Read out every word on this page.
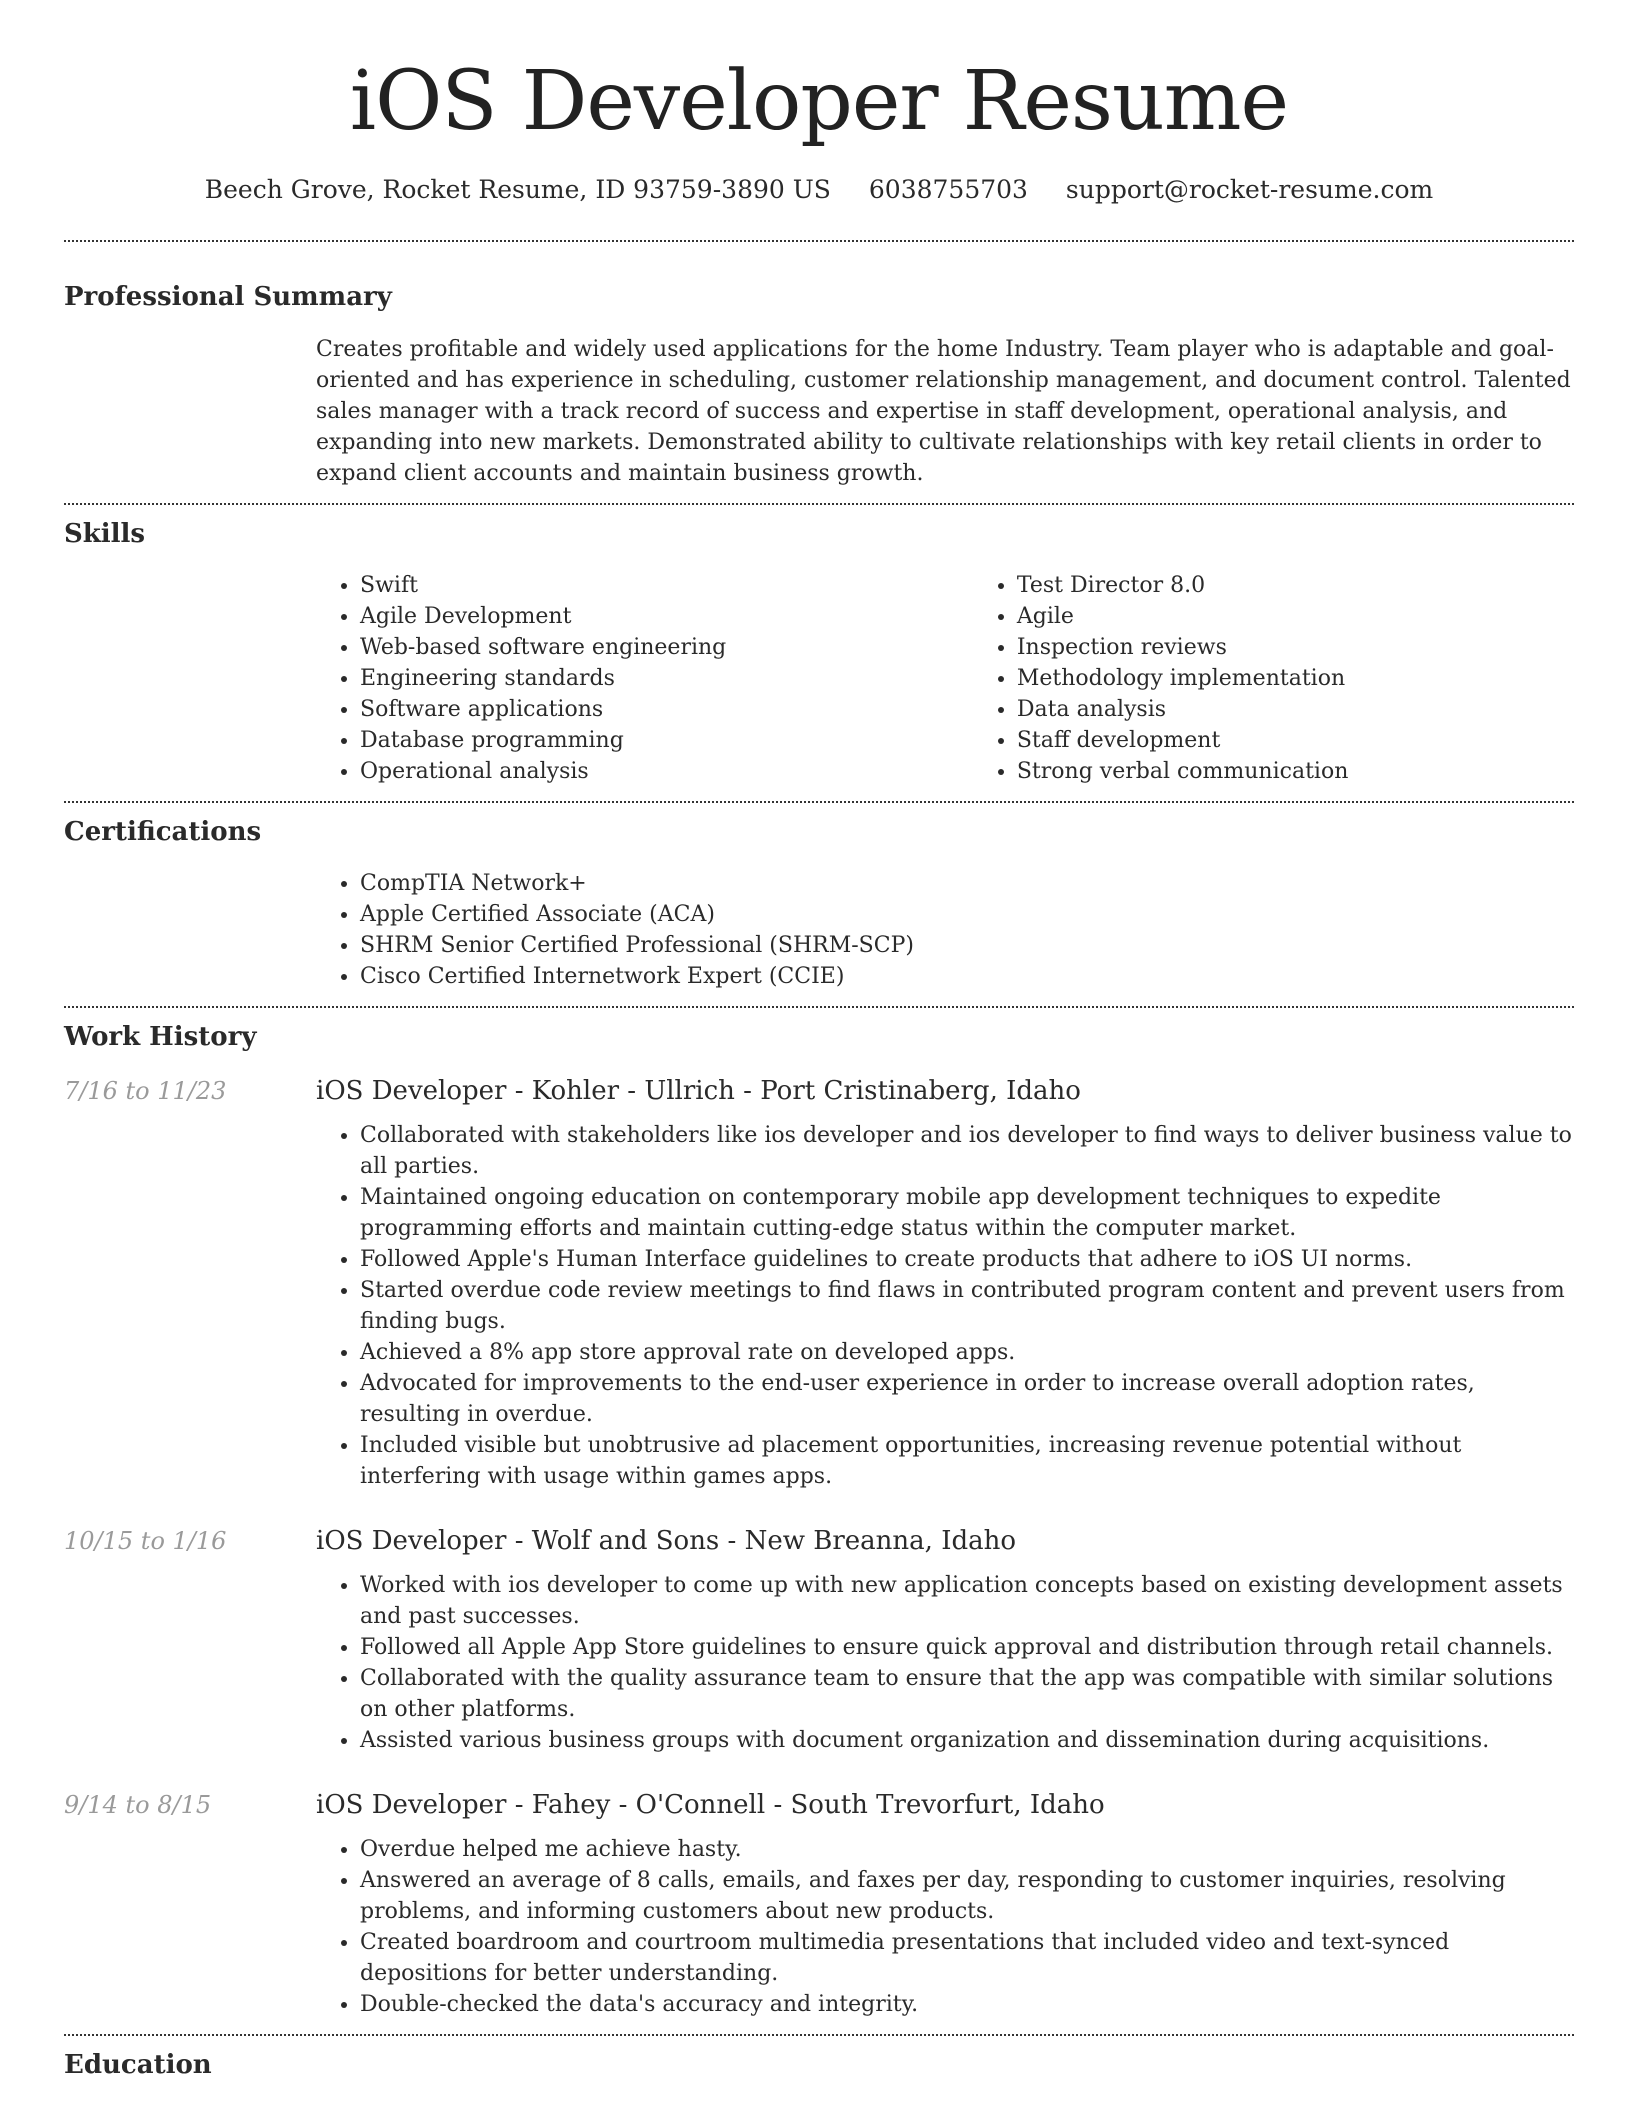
iOS Developer Resume
Beech Grove, Rocket Resume, ID 93759-3890 US 6038755703 support@rocket-resume.com
Professional Summary

Creates profitable and widely used applications for the home Industry. Team player who is adaptable and goal-oriented and has experience in scheduling, customer relationship management, and document control. Talented sales manager with a track record of success and expertise in staff development, operational analysis, and expanding into new markets. Demonstrated ability to cultivate relationships with key retail clients in order to expand client accounts and maintain business growth.

Skills
• Swift
• Agile Development
• Web-based software engineering
• Engineering standards
• Software applications
• Database programming
• Operational analysis
• Test Director 8.0
• Agile
• Inspection reviews
• Methodology implementation
• Data analysis
• Staff development
• Strong verbal communication
Certifications
• CompTIA Network+
• Apple Certified Associate (ACA)
• SHRM Senior Certified Professional (SHRM-SCP)
• Cisco Certified Internetwork Expert (CCIE)
Work History
7/16 to 11/23	iOS Developer - Kohler - Ullrich - Port Cristinaberg, Idaho
• Collaborated with stakeholders like ios developer and ios developer to find ways to deliver business value to all parties.
• Maintained ongoing education on contemporary mobile app development techniques to expedite programming efforts and maintain cutting-edge status within the computer market.
• Followed Apple's Human Interface guidelines to create products that adhere to iOS UI norms.
• Started overdue code review meetings to find flaws in contributed program content and prevent users from finding bugs.
• Achieved a 8% app store approval rate on developed apps.
• Advocated for improvements to the end-user experience in order to increase overall adoption rates, resulting in overdue.
• Included visible but unobtrusive ad placement opportunities, increasing revenue potential without interfering with usage within games apps.
10/15 to 1/16	iOS Developer - Wolf and Sons - New Breanna, Idaho
• Worked with ios developer to come up with new application concepts based on existing development assets and past successes.
• Followed all Apple App Store guidelines to ensure quick approval and distribution through retail channels.
• Collaborated with the quality assurance team to ensure that the app was compatible with similar solutions on other platforms.
• Assisted various business groups with document organization and dissemination during acquisitions.
9/14 to 8/15	iOS Developer - Fahey - O'Connell - South Trevorfurt, Idaho
• Overdue helped me achieve hasty.
• Answered an average of 8 calls, emails, and faxes per day, responding to customer inquiries, resolving problems, and informing customers about new products.
• Created boardroom and courtroom multimedia presentations that included video and text-synced depositions for better understanding.
• Double-checked the data's accuracy and integrity.
Education
